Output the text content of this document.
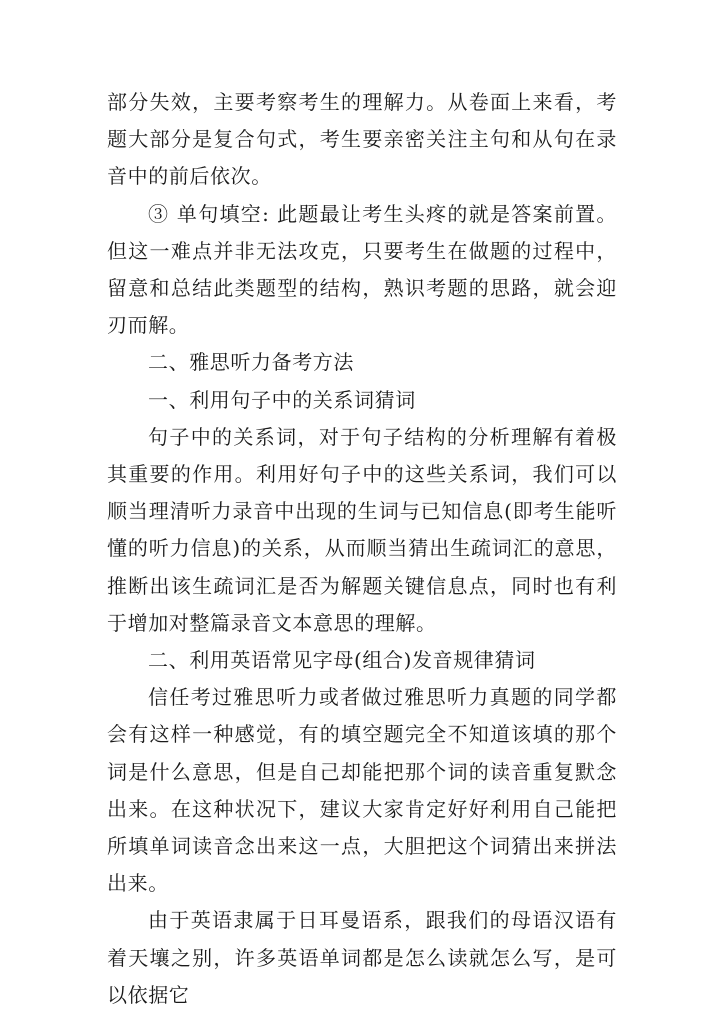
部分失效，主要考察考生的理解力。从卷面上来看，考题大部分是复合句式，考生要亲密关注主句和从句在录音中的前后依次。

③ 单句填空: 此题最让考生头疼的就是答案前置。但这一难点并非无法攻克，只要考生在做题的过程中，留意和总结此类题型的结构，熟识考题的思路，就会迎刃而解。

二、雅思听力备考方法

一、利用句子中的关系词猜词

句子中的关系词，对于句子结构的分析理解有着极其重要的作用。利用好句子中的这些关系词，我们可以顺当理清听力录音中出现的生词与已知信息(即考生能听懂的听力信息)的关系，从而顺当猜出生疏词汇的意思，推断出该生疏词汇是否为解题关键信息点，同时也有利于增加对整篇录音文本意思的理解。

二、利用英语常见字母(组合)发音规律猜词

信任考过雅思听力或者做过雅思听力真题的同学都会有这样一种感觉，有的填空题完全不知道该填的那个词是什么意思，但是自己却能把那个词的读音重复默念出来。在这种状况下，建议大家肯定好好利用自己能把所填单词读音念出来这一点，大胆把这个词猜出来拼法出来。

由于英语隶属于日耳曼语系，跟我们的母语汉语有着天壤之别，许多英语单词都是怎么读就怎么写，是可以依据它
